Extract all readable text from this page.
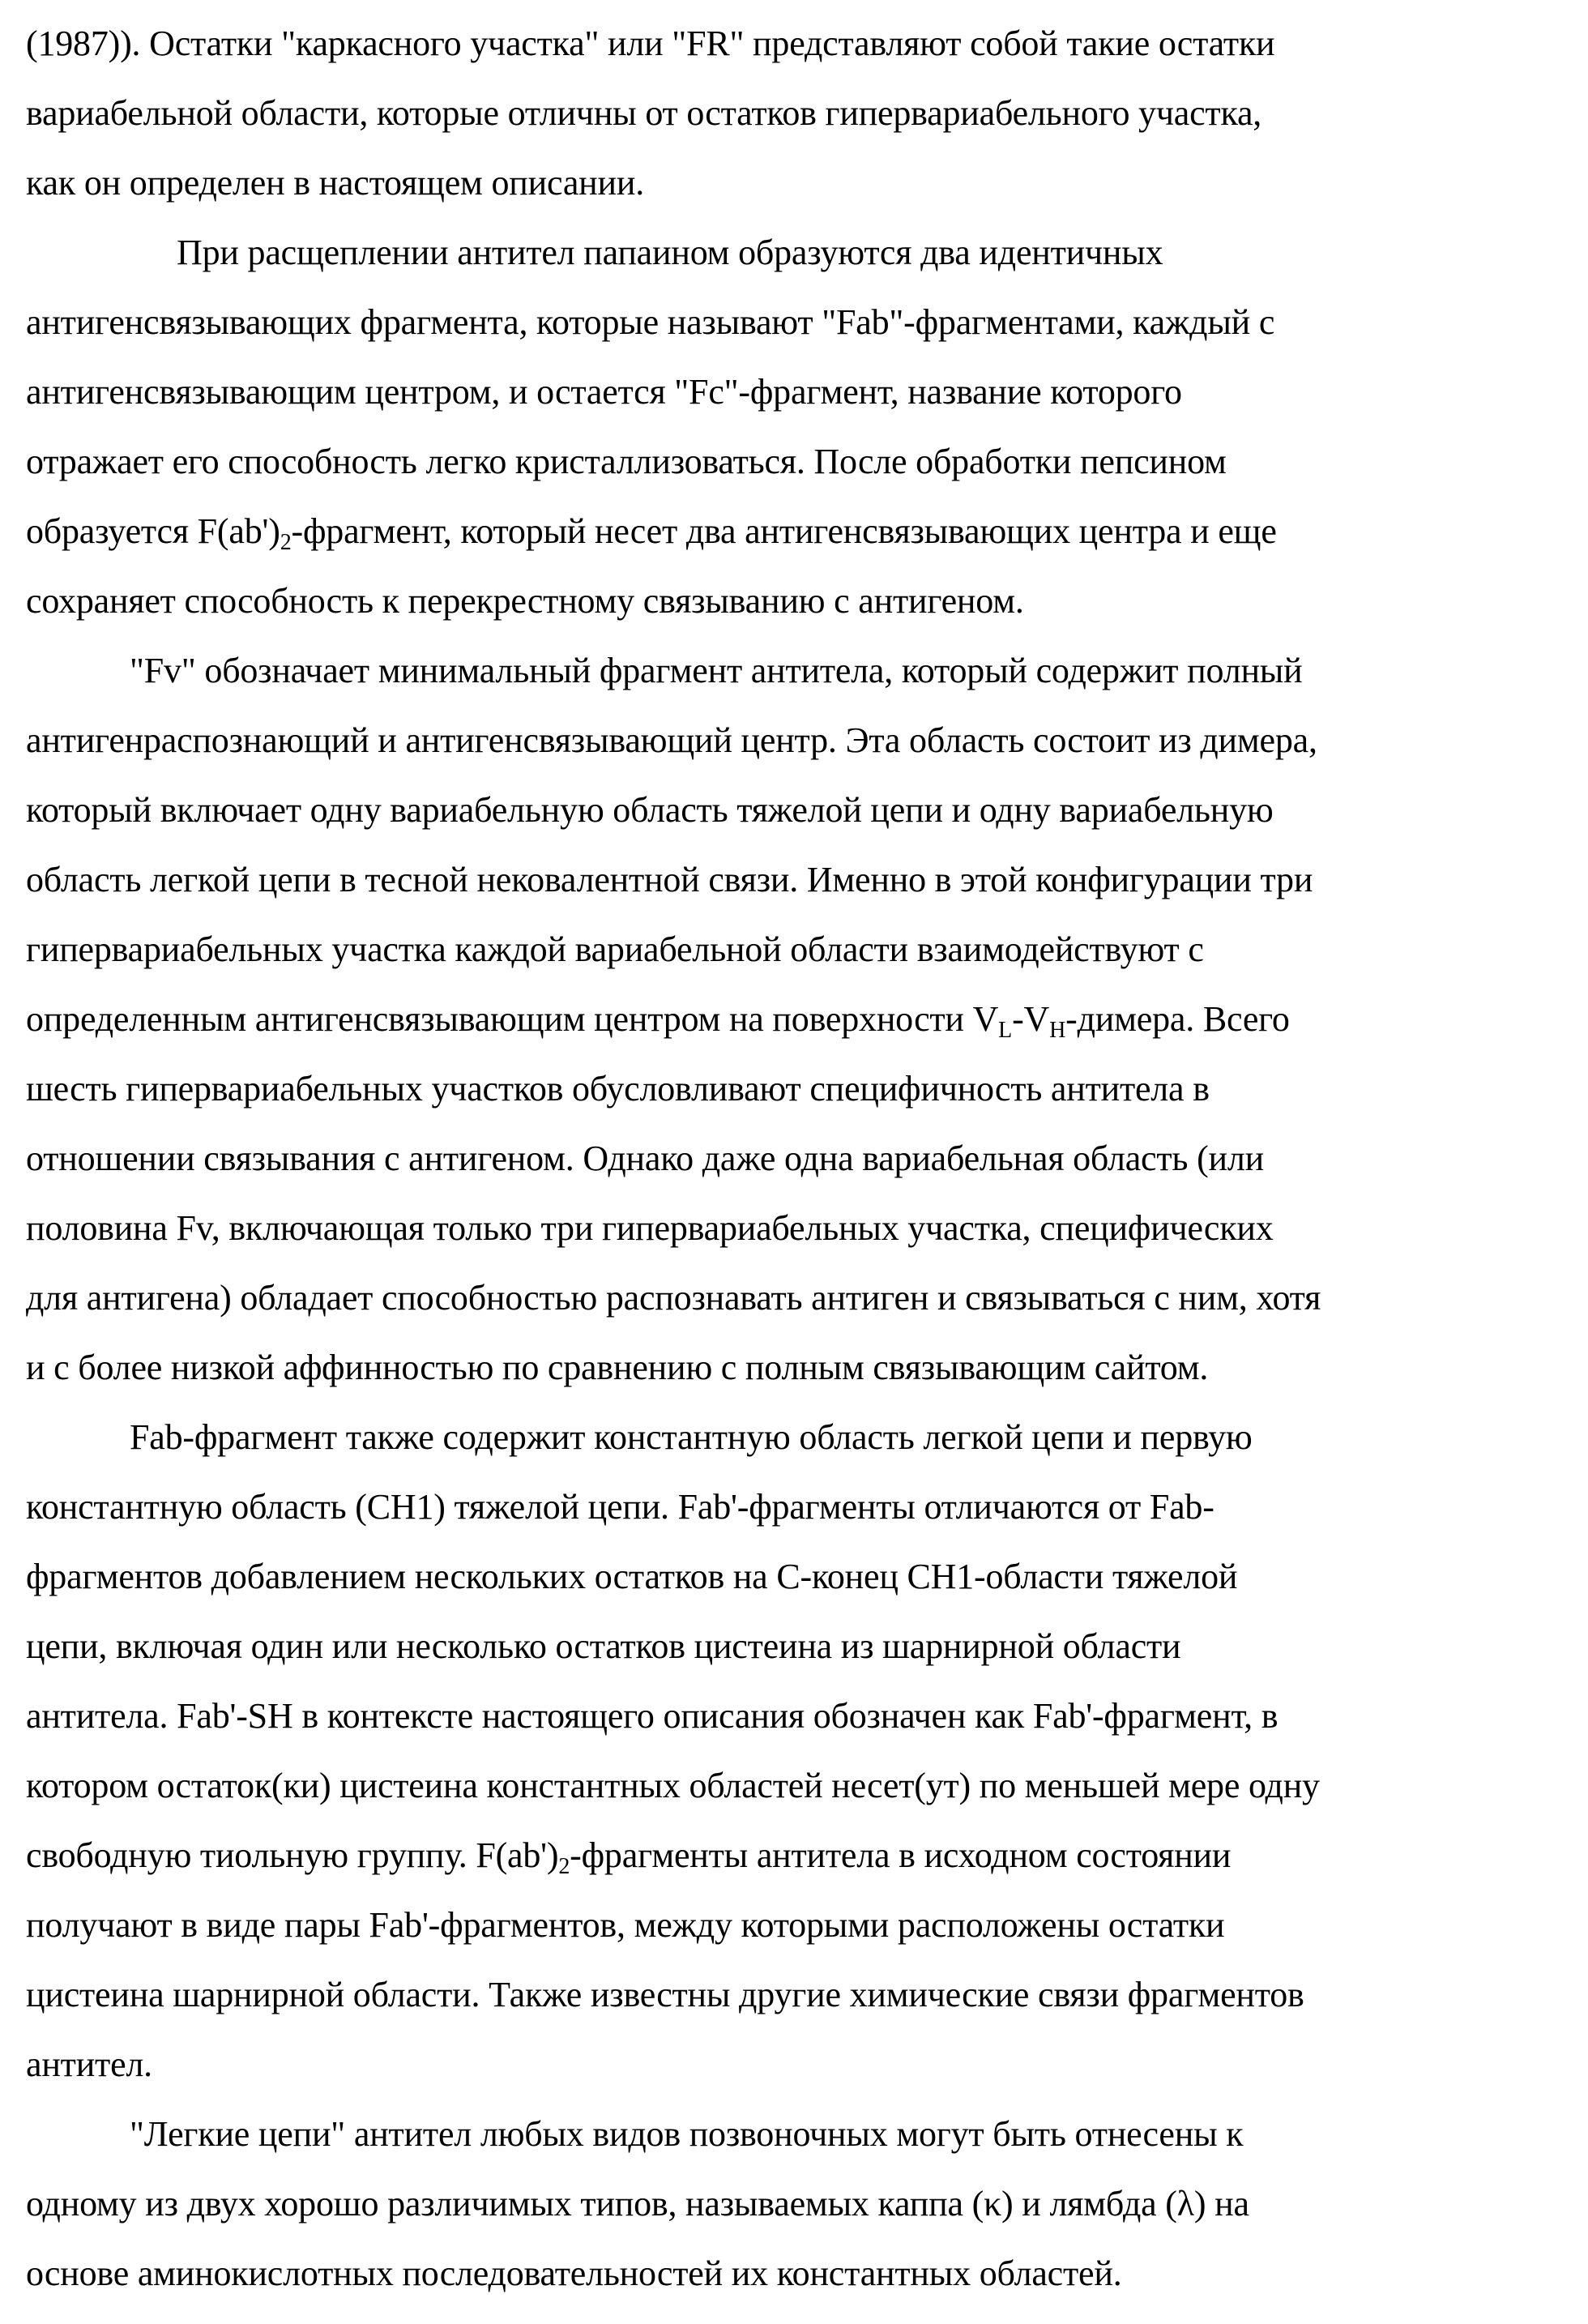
(1987)). Остатки "каркасного участка" или "FR" представляют собой такие остатки
вариабельной области, которые отличны от остатков гипервариабельного участка,
как он определен в настоящем описании.
При расщеплении антител папаином образуются два идентичных
антигенсвязывающих фрагмента, которые называют "Fab"-фрагментами, каждый с
антигенсвязывающим центром, и остается "Fc"-фрагмент, название которого
отражает его способность легко кристаллизоваться. После обработки пепсином
образуется F(ab')2-фрагмент, который несет два антигенсвязывающих центра и еще
сохраняет способность к перекрестному связыванию с антигеном.
"Fv" обозначает минимальный фрагмент антитела, который содержит полный
антигенраспознающий и антигенсвязывающий центр. Эта область состоит из димера,
который включает одну вариабельную область тяжелой цепи и одну вариабельную
область легкой цепи в тесной нековалентной связи. Именно в этой конфигурации три
гипервариабельных участка каждой вариабельной области взаимодействуют с
определенным антигенсвязывающим центром на поверхности VL-VH-димера. Всего
шесть гипервариабельных участков обусловливают специфичность антитела в
отношении связывания с антигеном. Однако даже одна вариабельная область (или
половина Fv, включающая только три гипервариабельных участка, специфических
для антигена) обладает способностью распознавать антиген и связываться с ним, хотя
и с более низкой аффинностью по сравнению с полным связывающим сайтом.
Fab-фрагмент также содержит константную область легкой цепи и первую
константную область (CH1) тяжелой цепи. Fab'-фрагменты отличаются от Fab-
фрагментов добавлением нескольких остатков на С-конец CH1-области тяжелой
цепи, включая один или несколько остатков цистеина из шарнирной области
антитела. Fab'-SH в контексте настоящего описания обозначен как Fab'-фрагмент, в
котором остаток(ки) цистеина константных областей несет(ут) по меньшей мере одну
свободную тиольную группу. F(ab')2-фрагменты антитела в исходном состоянии
получают в виде пары Fab'-фрагментов, между которыми расположены остатки
цистеина шарнирной области. Также известны другие химические связи фрагментов
антител.
"Легкие цепи" антител любых видов позвоночных могут быть отнесены к
одному из двух хорошо различимых типов, называемых каппа (κ) и лямбда (λ) на
основе аминокислотных последовательностей их константных областей.
